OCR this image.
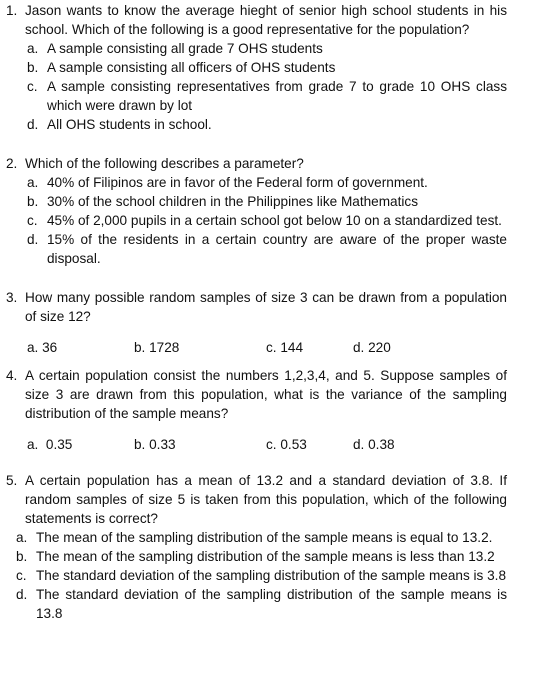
1. Jason wants to know the average hieght of senior high school students in his school. Which of the following is a good representative for the population?
a. A sample consisting all grade 7 OHS students
b. A sample consisting all officers of OHS students
c. A sample consisting representatives from grade 7 to grade 10 OHS class which were drawn by lot
d. All OHS students in school.
2. Which of the following describes a parameter?
a. 40% of Filipinos are in favor of the Federal form of government.
b. 30% of the school children in the Philippines like Mathematics
c. 45% of 2,000 pupils in a certain school got below 10 on a standardized test.
d. 15% of the residents in a certain country are aware of the proper waste disposal.
3. How many possible random samples of size 3 can be drawn from a population of size 12?
a. 36	b. 1728	c. 144	d. 220
4. A certain population consist the numbers 1,2,3,4, and 5. Suppose samples of size 3 are drawn from this population, what is the variance of the sampling distribution of the sample means?
a. 0.35	b. 0.33	c. 0.53	d. 0.38
5. A certain population has a mean of 13.2 and a standard deviation of 3.8. If random samples of size 5 is taken from this population, which of the following statements is correct?
a. The mean of the sampling distribution of the sample means is equal to 13.2.
b. The mean of the sampling distribution of the sample means is less than 13.2
c. The standard deviation of the sampling distribution of the sample means is 3.8
d. The standard deviation of the sampling distribution of the sample means is 13.8
